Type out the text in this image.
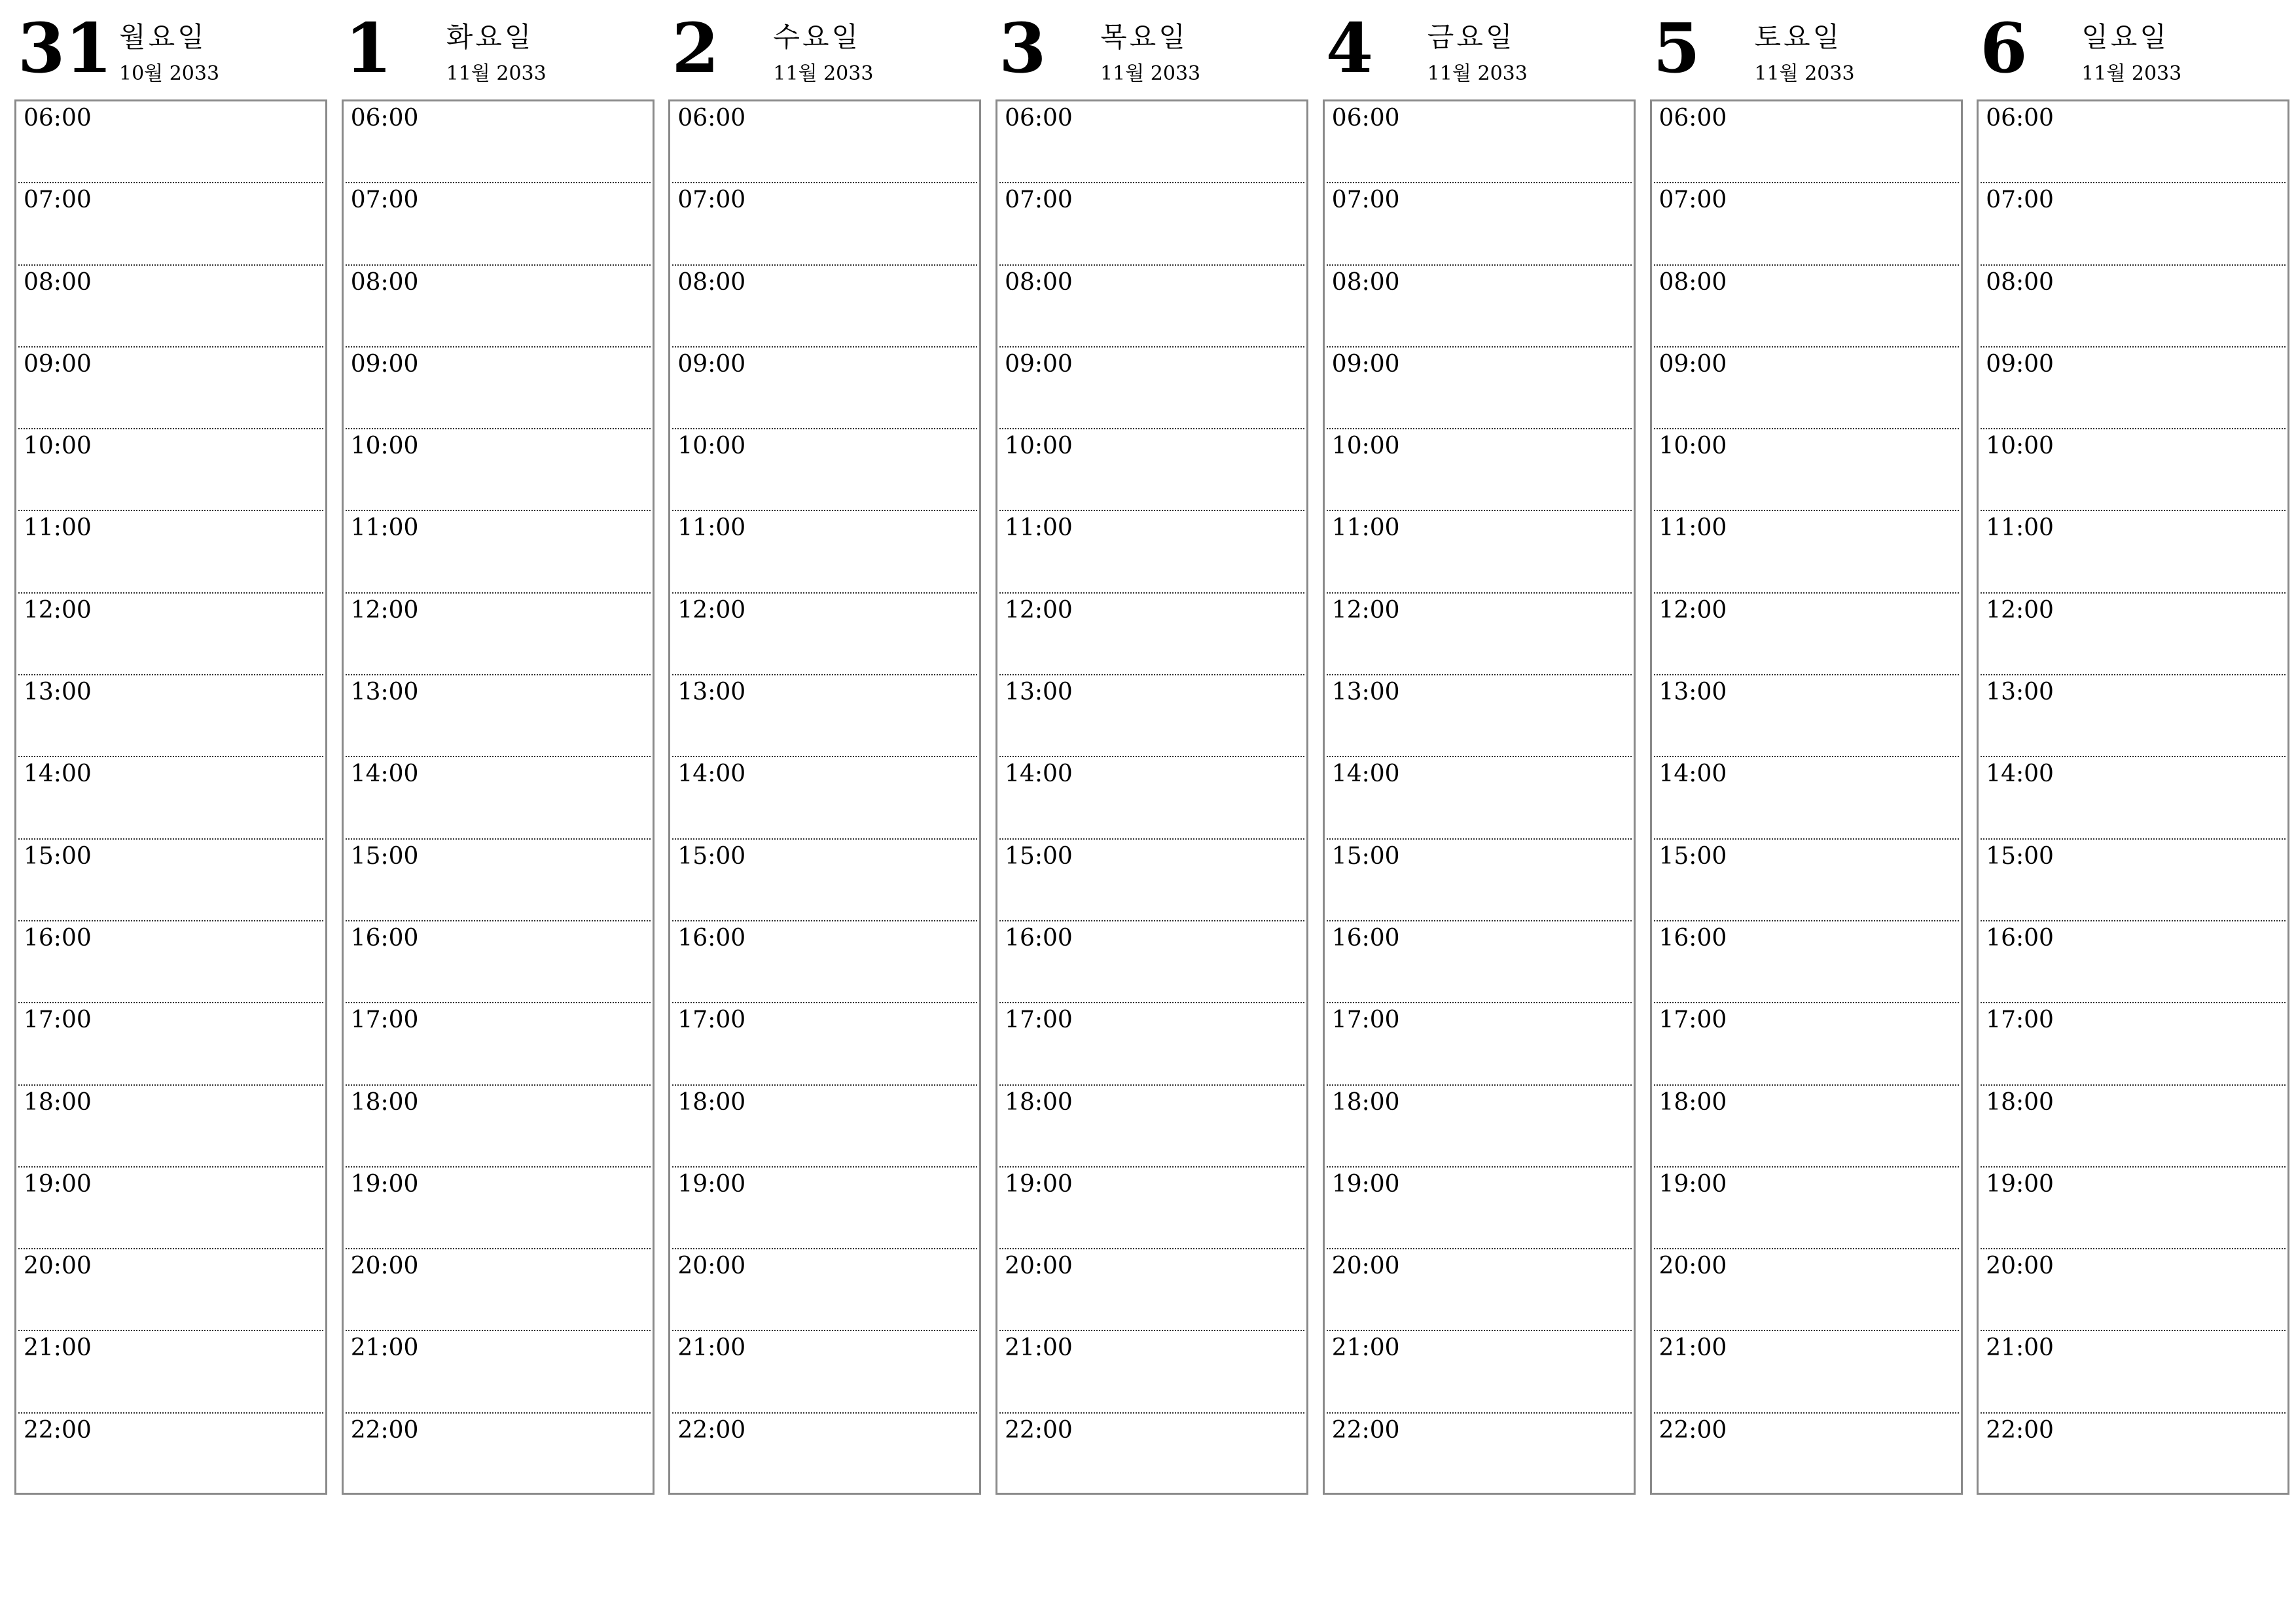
31 월요일
10월 2033
06:00
07:00
08:00
09:00
10:00
11:00
12:00
13:00
14:00
15:00
16:00
17:00
18:00
19:00
20:00
21:00
22:00
1 화요일
11월 2033
06:00
07:00
08:00
09:00
10:00
11:00
12:00
13:00
14:00
15:00
16:00
17:00
18:00
19:00
20:00
21:00
22:00
2 수요일
11월 2033
06:00
07:00
08:00
09:00
10:00
11:00
12:00
13:00
14:00
15:00
16:00
17:00
18:00
19:00
20:00
21:00
22:00
3 목요일
11월 2033
06:00
07:00
08:00
09:00
10:00
11:00
12:00
13:00
14:00
15:00
16:00
17:00
18:00
19:00
20:00
21:00
22:00
4 금요일
11월 2033
06:00
07:00
08:00
09:00
10:00
11:00
12:00
13:00
14:00
15:00
16:00
17:00
18:00
19:00
20:00
21:00
22:00
5 토요일
11월 2033
06:00
07:00
08:00
09:00
10:00
11:00
12:00
13:00
14:00
15:00
16:00
17:00
18:00
19:00
20:00
21:00
22:00
6 일요일
11월 2033
06:00
07:00
08:00
09:00
10:00
11:00
12:00
13:00
14:00
15:00
16:00
17:00
18:00
19:00
20:00
21:00
22:00
